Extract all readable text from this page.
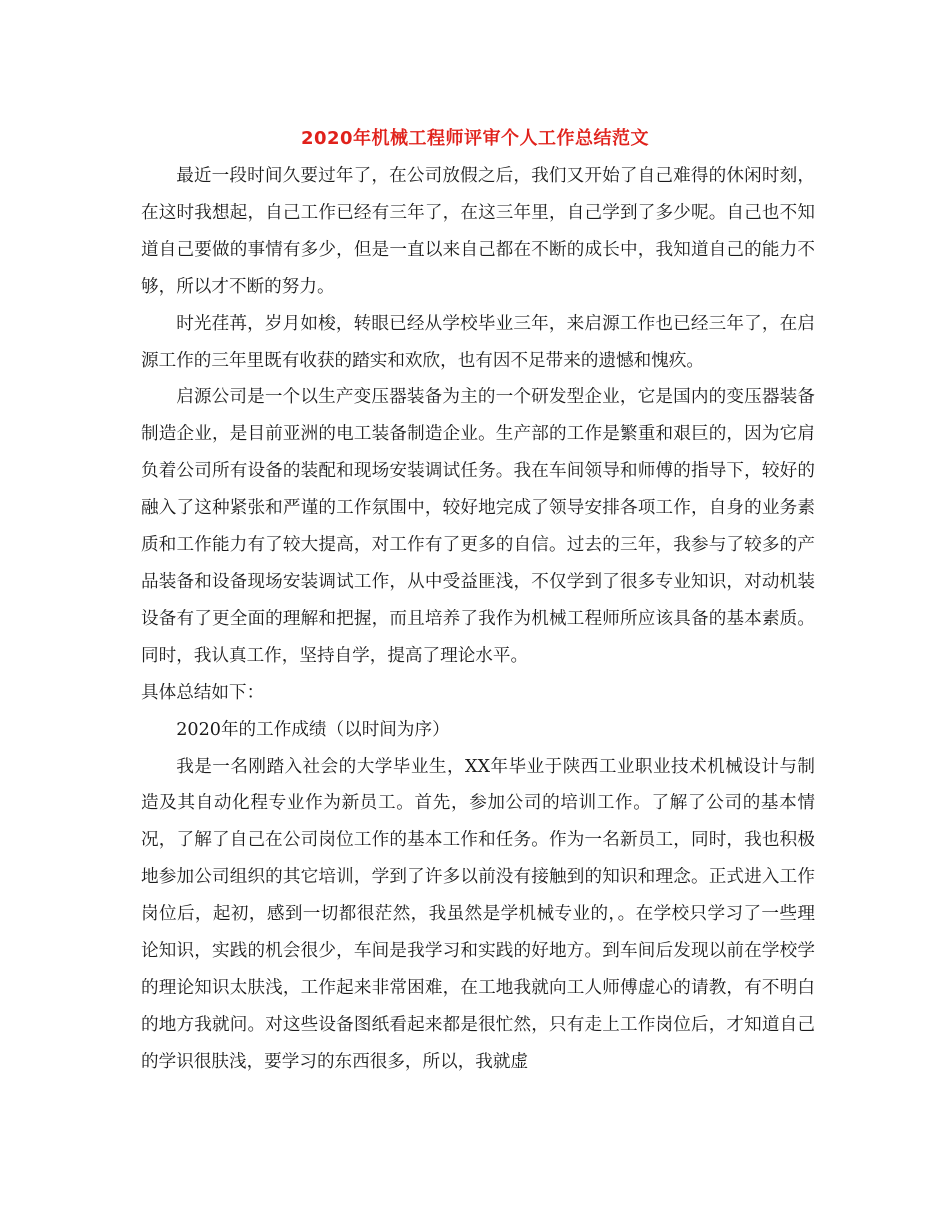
2020年机械工程师评审个人工作总结范文

最近一段时间久要过年了，在公司放假之后，我们又开始了自己难得的休闲时刻，在这时我想起，自己工作已经有三年了，在这三年里，自己学到了多少呢。自己也不知道自己要做的事情有多少，但是一直以来自己都在不断的成长中，我知道自己的能力不够，所以才不断的努力。

时光荏苒，岁月如梭，转眼已经从学校毕业三年，来启源工作也已经三年了，在启源工作的三年里既有收获的踏实和欢欣，也有因不足带来的遗憾和愧疚。

启源公司是一个以生产变压器装备为主的一个研发型企业，它是国内的变压器装备制造企业，是目前亚洲的电工装备制造企业。生产部的工作是繁重和艰巨的，因为它肩负着公司所有设备的装配和现场安装调试任务。我在车间领导和师傅的指导下，较好的融入了这种紧张和严谨的工作氛围中，较好地完成了领导安排各项工作，自身的业务素质和工作能力有了较大提高，对工作有了更多的自信。过去的三年，我参与了较多的产品装备和设备现场安装调试工作，从中受益匪浅，不仅学到了很多专业知识，对动机装设备有了更全面的理解和把握，而且培养了我作为机械工程师所应该具备的基本素质。同时，我认真工作，坚持自学，提高了理论水平。

具体总结如下：

2020年的工作成绩（以时间为序）

我是一名刚踏入社会的大学毕业生，XX年毕业于陕西工业职业技术机械设计与制造及其自动化程专业作为新员工。首先，参加公司的培训工作。了解了公司的基本情况，了解了自己在公司岗位工作的基本工作和任务。作为一名新员工，同时，我也积极地参加公司组织的其它培训，学到了许多以前没有接触到的知识和理念。正式进入工作岗位后，起初，感到一切都很茫然，我虽然是学机械专业的，。在学校只学习了一些理论知识，实践的机会很少，车间是我学习和实践的好地方。到车间后发现以前在学校学的理论知识太肤浅，工作起来非常困难，在工地我就向工人师傅虚心的请教，有不明白的地方我就问。对这些设备图纸看起来都是很忙然，只有走上工作岗位后，才知道自己的学识很肤浅，要学习的东西很多，所以，我就虚
